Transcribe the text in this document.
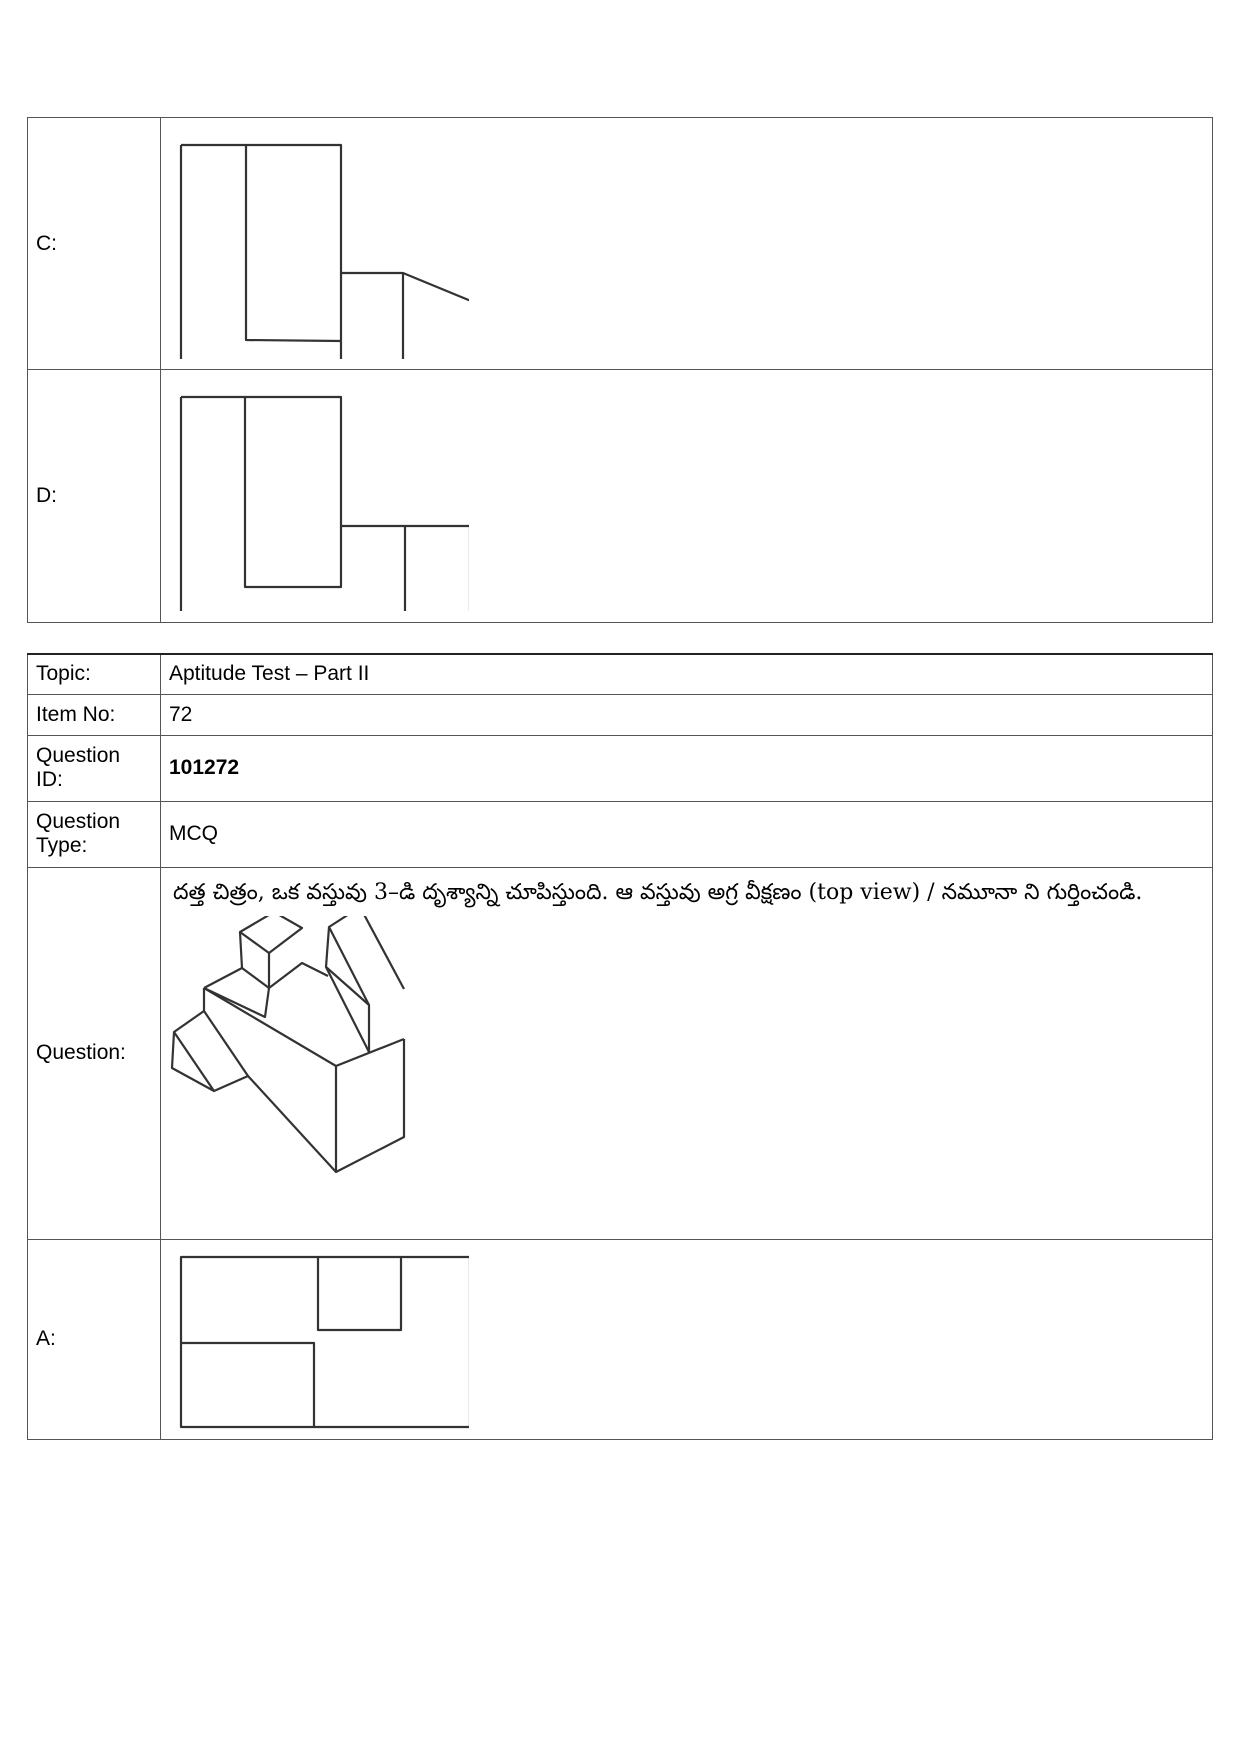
C:	

D:	
Topic:	Aptitude Test – Part II
Item No:	72
Question ID:	101272
Question Type:	MCQ
Question:	దత్త చిత్రం, ఒక వస్తువు 3–డి దృశ్యాన్ని చూపిస్తుంది. ఆ వస్తువు అగ్ర వీక్షణం (top view) / నమూనా ని గుర్తించండి.

A:	
